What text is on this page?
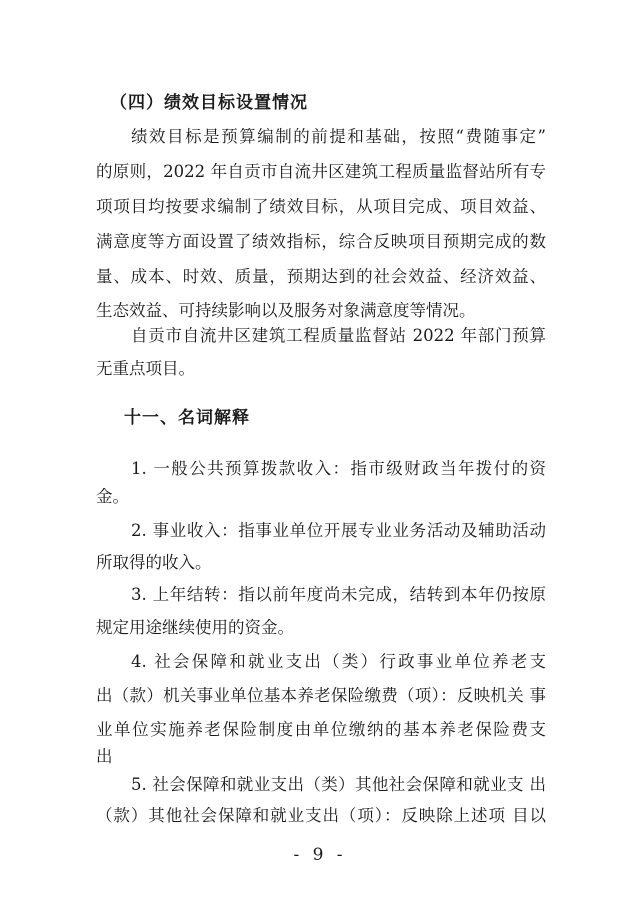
（四）绩效目标设置情况
绩效目标是预算编制的前提和基础，按照“费随事定”
的原则，2022 年自贡市自流井区建筑工程质量监督站所有专
项项目均按要求编制了绩效目标，从项目完成、项目效益、
满意度等方面设置了绩效指标，综合反映项目预期完成的数
量、成本、时效、质量，预期达到的社会效益、经济效益、
生态效益、可持续影响以及服务对象满意度等情况。
自贡市自流井区建筑工程质量监督站 2022 年部门预算
无重点项目。
十一、名词解释
1. 一般公共预算拨款收入：指市级财政当年拨付的资
金。
2. 事业收入：指事业单位开展专业业务活动及辅助活动
所取得的收入。
3. 上年结转：指以前年度尚未完成，结转到本年仍按原
规定用途继续使用的资金。
4. 社会保障和就业支出（类）行政事业单位养老支
出（款）机关事业单位基本养老保险缴费（项）：反映机关 事
业单位实施养老保险制度由单位缴纳的基本养老保险费支
出
5. 社会保障和就业支出（类）其他社会保障和就业支 出
（款）其他社会保障和就业支出（项）：反映除上述项 目以
- 9 -
